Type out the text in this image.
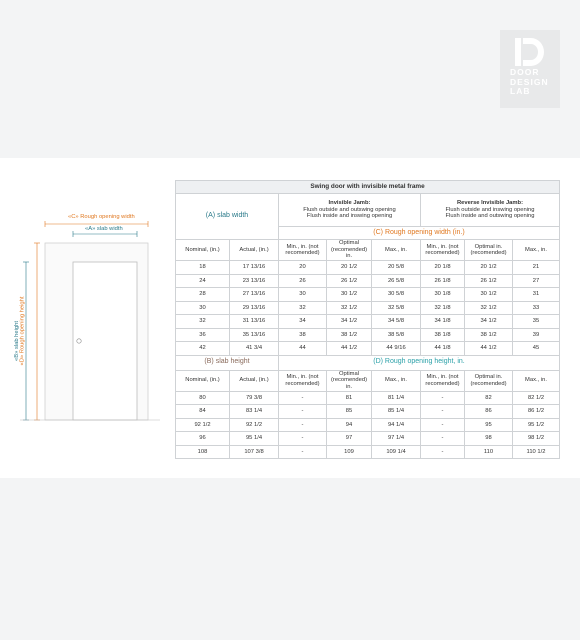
DOOR
DESIGN
LAB
«C» Rough opening width
«A» slab width
«D» Rough opening height
«B» slab height
Swing door with invisible metal frame							
(A) slab width		Invisible Jamb:
Flush outside and outswing opening
Flush inside and inswing opening			Reverse Invisible Jamb:
Flush outside and inswing opening
Flush inside and outswing opening		
		(C) Rough opening width (in.)					
Nominal, (in.)	Actual, (in.)	Min., in. (not recomended)	Optimal (recomended) in.	Max., in.	Min., in. (not recomended)	Optimal in. (recomended)	Max., in.
18	17 13/16	20	20 1/2	20 5/8	20 1/8	20 1/2	21
24	23 13/16	26	26 1/2	26 5/8	26 1/8	26 1/2	27
28	27 13/16	30	30 1/2	30 5/8	30 1/8	30 1/2	31
30	29 13/16	32	32 1/2	32 5/8	32 1/8	32 1/2	33
32	31 13/16	34	34 1/2	34 5/8	34 1/8	34 1/2	35
36	35 13/16	38	38 1/2	38 5/8	38 1/8	38 1/2	39
42	41 3/4	44	44 1/2	44 9/16	44 1/8	44 1/2	45
(B) slab height		(D) Rough opening height, in.					
Nominal, (in.)	Actual, (in.)	Min., in. (not recomended)	Optimal (recomended) in.	Max., in.	Min., in. (not recomended)	Optimal in. (recomended)	Max., in.
80	79 3/8	-	81	81 1/4	-	82	82 1/2
84	83 1/4	-	85	85 1/4	-	86	86 1/2
92 1/2	92 1/2	-	94	94 1/4	-	95	95 1/2
96	95 1/4	-	97	97 1/4	-	98	98 1/2
108	107 3/8	-	109	109 1/4	-	110	110 1/2
